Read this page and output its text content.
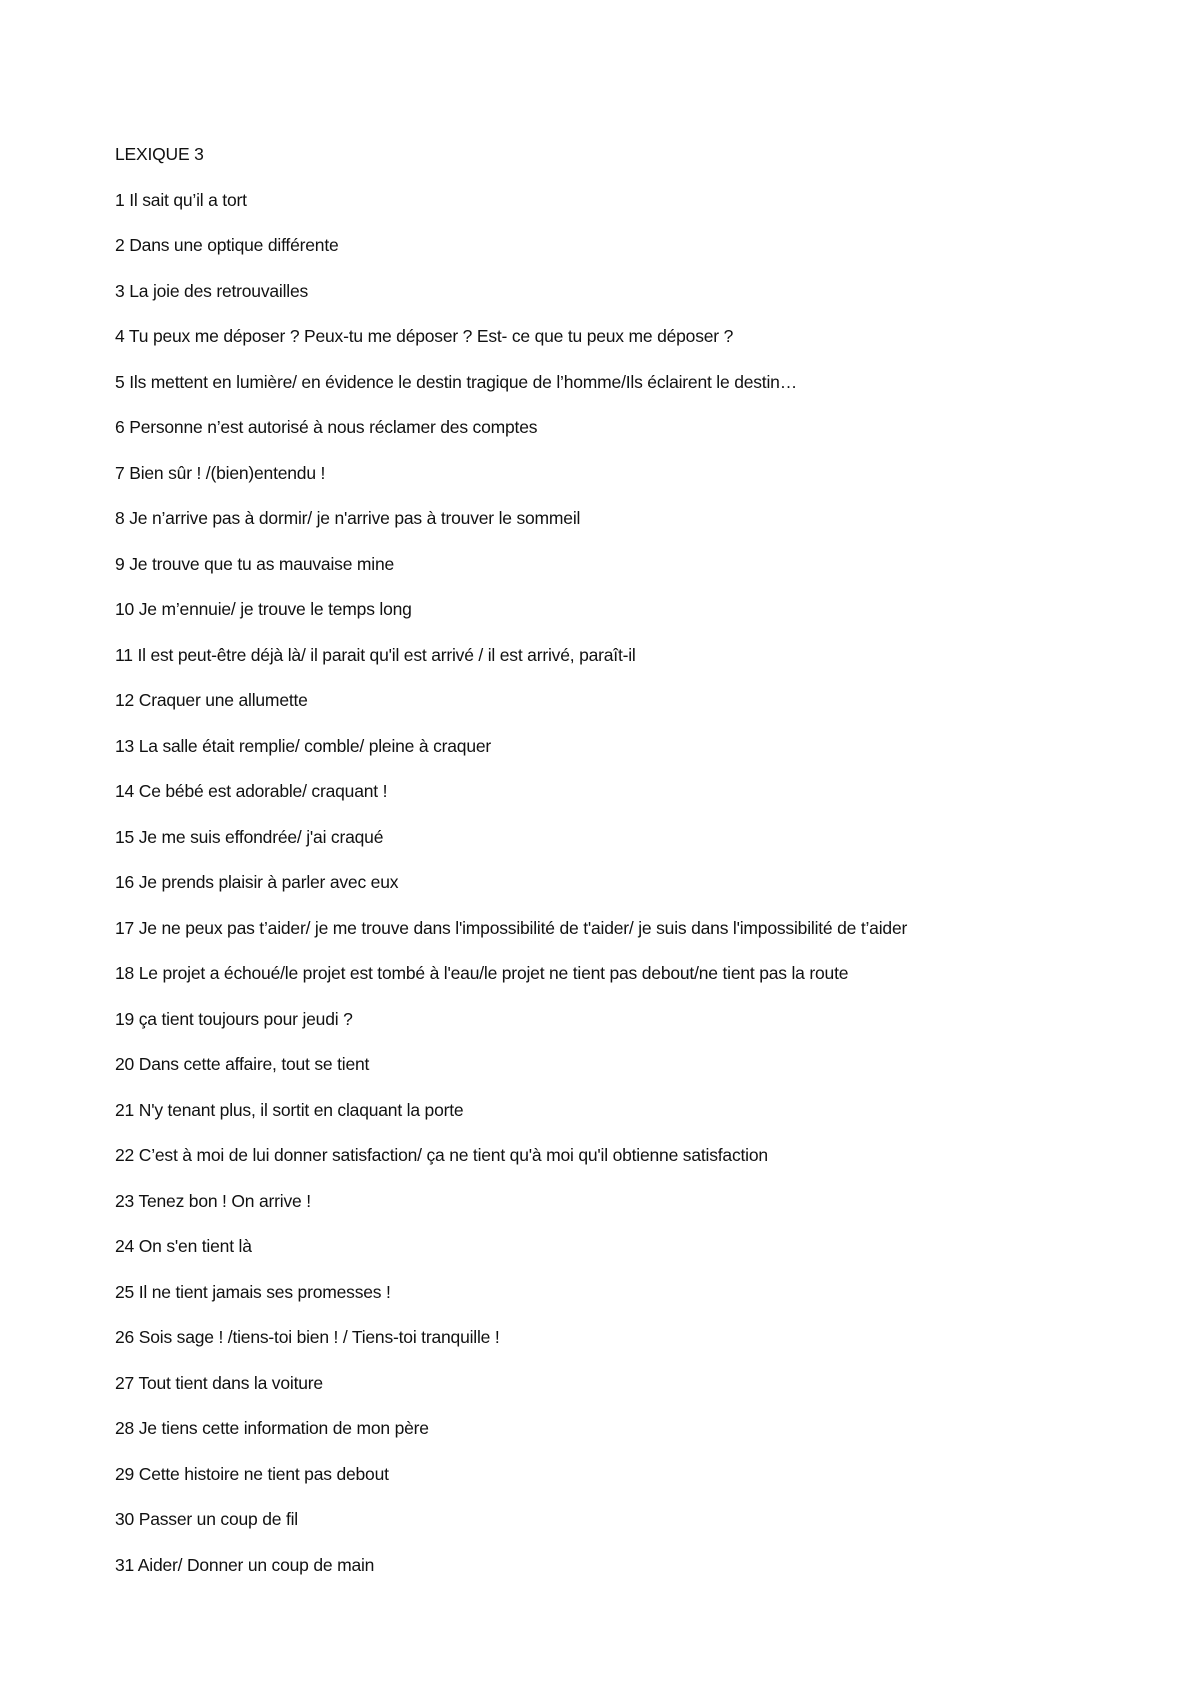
LEXIQUE 3
1 Il sait qu’il a tort
2 Dans une optique différente
3 La joie des retrouvailles
4 Tu peux me déposer ? Peux-tu me déposer ? Est- ce que tu peux me déposer ?
5 Ils mettent en lumière/ en évidence le destin tragique de l’homme/Ils éclairent le destin…
6 Personne n’est autorisé à nous réclamer des comptes
7 Bien sûr ! /(bien)entendu !
8 Je n’arrive pas à dormir/ je n'arrive pas à trouver le sommeil
9 Je trouve que tu as mauvaise mine
10 Je m’ennuie/ je trouve le temps long
11 Il est peut-être déjà là/ il parait qu'il est arrivé / il est arrivé, paraît-il
12 Craquer une allumette
13 La salle était remplie/ comble/ pleine à craquer
14 Ce bébé est adorable/ craquant !
15 Je me suis effondrée/ j'ai craqué
16 Je prends plaisir à parler avec eux
17 Je ne peux pas t’aider/ je me trouve dans l'impossibilité de t'aider/ je suis dans l'impossibilité de t’aider
18 Le projet a échoué/le projet est tombé à l'eau/le projet ne tient pas debout/ne tient pas la route
19 ça tient toujours pour jeudi ?
20 Dans cette affaire, tout se tient
21 N'y tenant plus, il sortit en claquant la porte
22 C’est à moi de lui donner satisfaction/ ça ne tient qu'à moi qu'il obtienne satisfaction
23 Tenez bon ! On arrive !
24 On s'en tient là
25 Il ne tient jamais ses promesses !
26 Sois sage ! /tiens-toi bien ! / Tiens-toi tranquille !
27 Tout tient dans la voiture
28 Je tiens cette information de mon père
29 Cette histoire ne tient pas debout
30 Passer un coup de fil
31 Aider/ Donner un coup de main
